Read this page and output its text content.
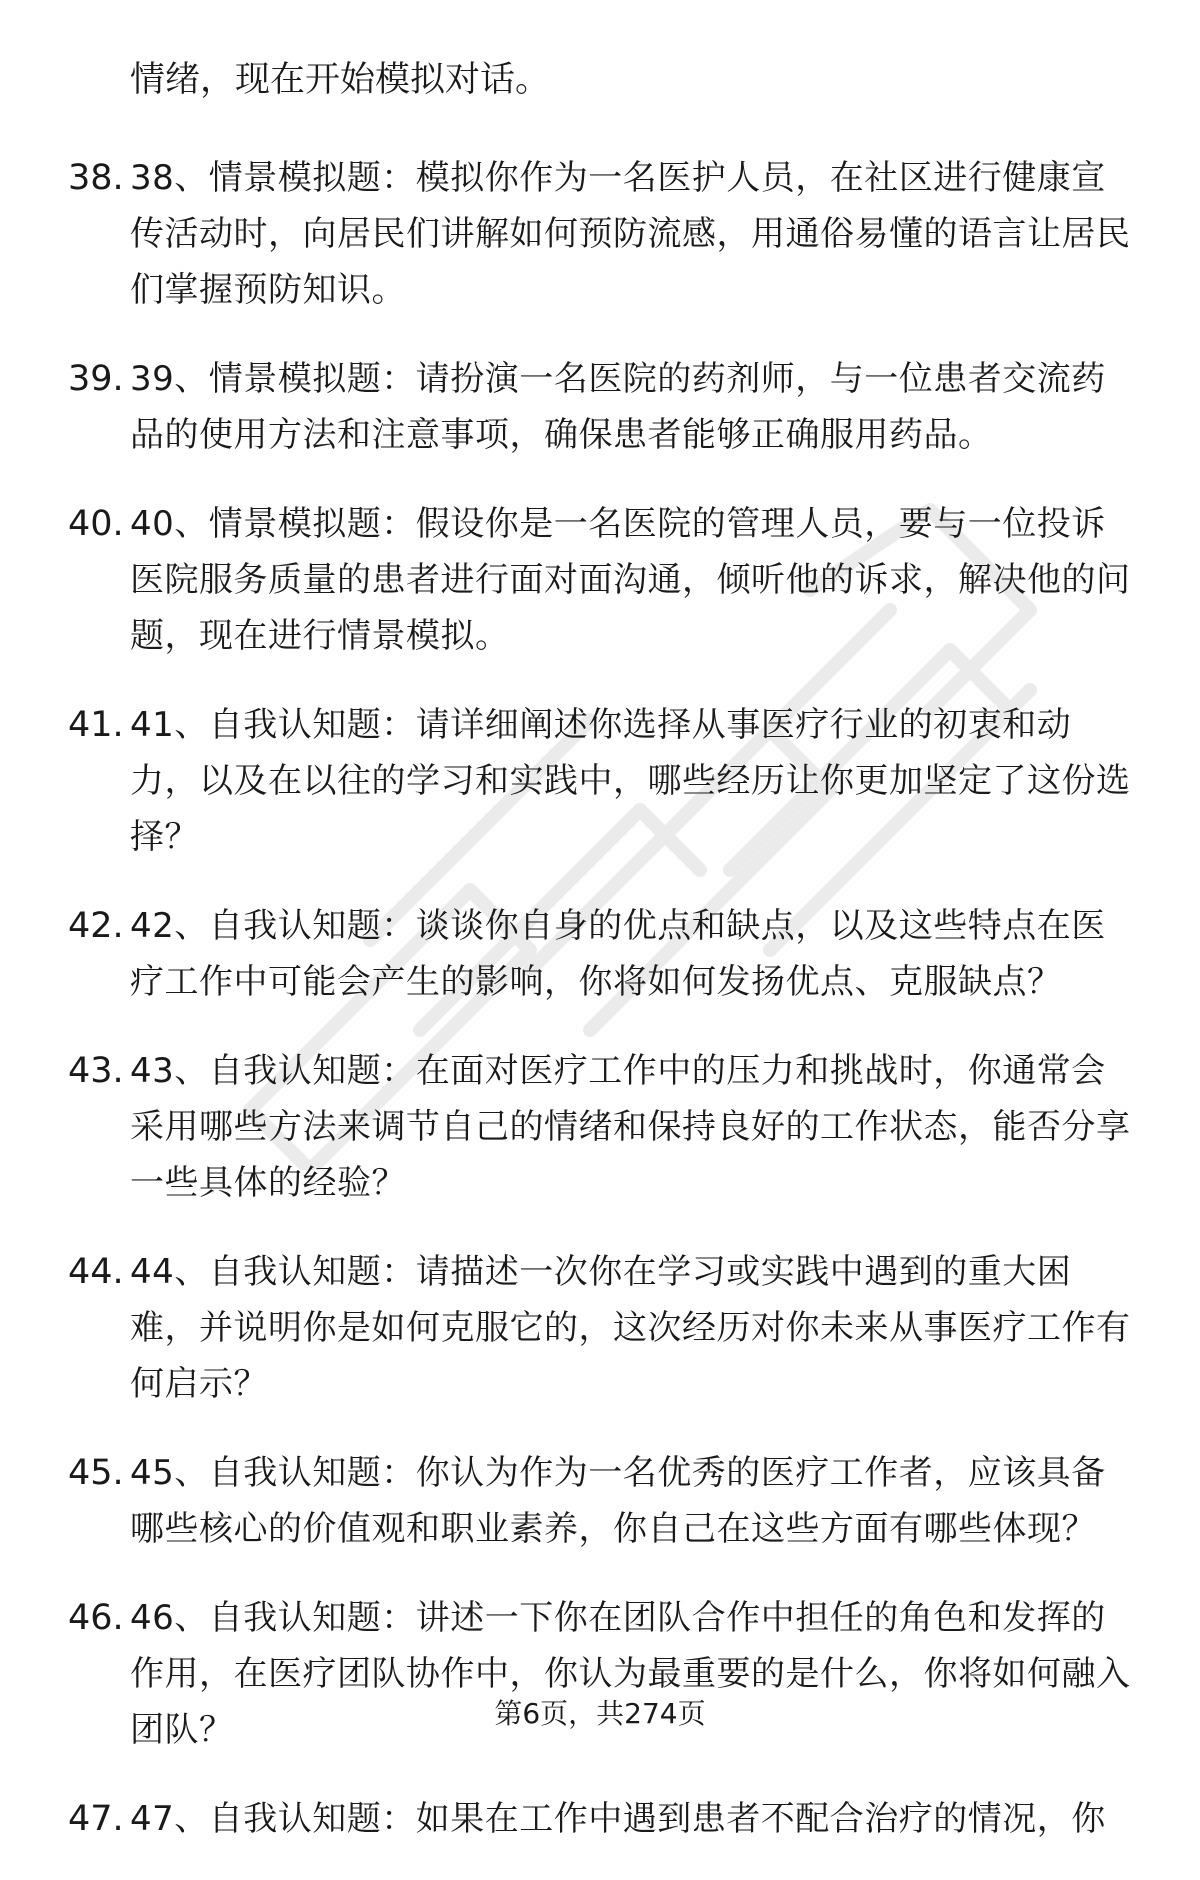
情绪，现在开始模拟对话。
38. 38、情景模拟题：模拟你作为一名医护人员，在社区进行健康宣传活动时，向居民们讲解如何预防流感，用通俗易懂的语言让居民们掌握预防知识。
39. 39、情景模拟题：请扮演一名医院的药剂师，与一位患者交流药品的使用方法和注意事项，确保患者能够正确服用药品。
40. 40、情景模拟题：假设你是一名医院的管理人员，要与一位投诉医院服务质量的患者进行面对面沟通，倾听他的诉求，解决他的问题，现在进行情景模拟。
41. 41、自我认知题：请详细阐述你选择从事医疗行业的初衷和动力，以及在以往的学习和实践中，哪些经历让你更加坚定了这份选择？
42. 42、自我认知题：谈谈你自身的优点和缺点，以及这些特点在医疗工作中可能会产生的影响，你将如何发扬优点、克服缺点？
43. 43、自我认知题：在面对医疗工作中的压力和挑战时，你通常会采用哪些方法来调节自己的情绪和保持良好的工作状态，能否分享一些具体的经验？
44. 44、自我认知题：请描述一次你在学习或实践中遇到的重大困难，并说明你是如何克服它的，这次经历对你未来从事医疗工作有何启示？
45. 45、自我认知题：你认为作为一名优秀的医疗工作者，应该具备哪些核心的价值观和职业素养，你自己在这些方面有哪些体现？
46. 46、自我认知题：讲述一下你在团队合作中担任的角色和发挥的作用，在医疗团队协作中，你认为最重要的是什么，你将如何融入团队？
47. 47、自我认知题：如果在工作中遇到患者不配合治疗的情况，你
第6页，共274页
